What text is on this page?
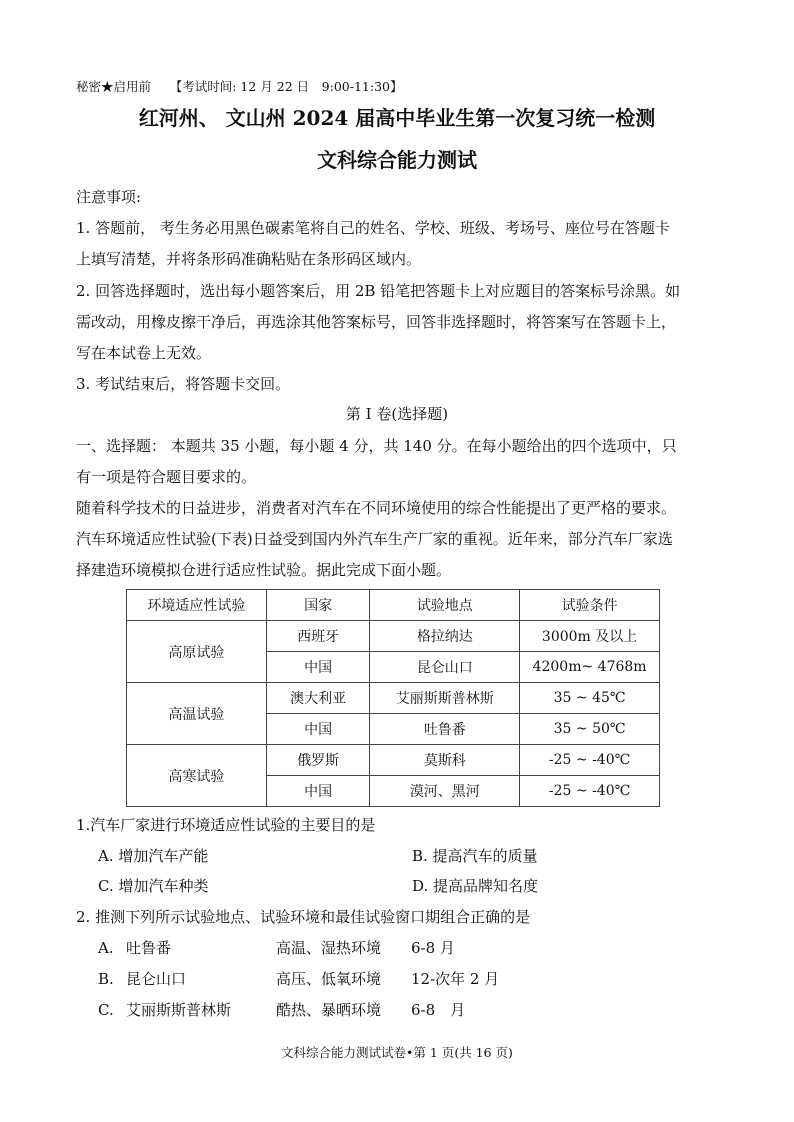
秘密★启用前　　【考试时间: 12 月 22 日　9:00-11:30】
红河州、 文山州 2024 届高中毕业生第一次复习统一检测
文科综合能力测试
注意事项:
1. 答题前， 考生务必用黑色碳素笔将自己的姓名、学校、班级、考场号、座位号在答题卡
上填写清楚，并将条形码准确粘贴在条形码区域内。
2. 回答选择题时，选出每小题答案后，用 2B 铅笔把答题卡上对应题目的答案标号涂黑。如
需改动，用橡皮擦干净后，再选涂其他答案标号，回答非选择题时，将答案写在答题卡上，
写在本试卷上无效。
3. 考试结束后，将答题卡交回。
第 Ⅰ 卷(选择题)
一、选择题： 本题共 35 小题，每小题 4 分，共 140 分。在每小题给出的四个选项中，只
有一项是符合题目要求的。
随着科学技术的日益进步，消费者对汽车在不同环境使用的综合性能提出了更严格的要求。
汽车环境适应性试验(下表)日益受到国内外汽车生产厂家的重视。近年来，部分汽车厂家选
择建造环境模拟仓进行适应性试验。据此完成下面小题。
环境适应性试验	国家	试验地点	试验条件
高原试验	西班牙	格拉纳达	3000m 及以上
	中国	昆仑山口	4200m~ 4768m
高温试验	澳大利亚	艾丽斯斯普林斯	35 ~ 45℃
	中国	吐鲁番	35 ~ 50℃
高寒试验	俄罗斯	莫斯科	-25 ~ -40℃
	中国	漠河、黑河	-25 ~ -40℃
1.汽车厂家进行环境适应性试验的主要目的是
A. 增加汽车产能	B. 提高汽车的质量
C. 增加汽车种类	D. 提高品牌知名度
2. 推测下列所示试验地点、试验环境和最佳试验窗口期组合正确的是
A. 吐鲁番	高温、湿热环境 6-8 月
B. 昆仑山口	高压、低氧环境 12-次年 2 月
C. 艾丽斯斯普林斯	酷热、暴晒环境 6-8　月
文科综合能力测试试卷•第 1 页(共 16 页)
